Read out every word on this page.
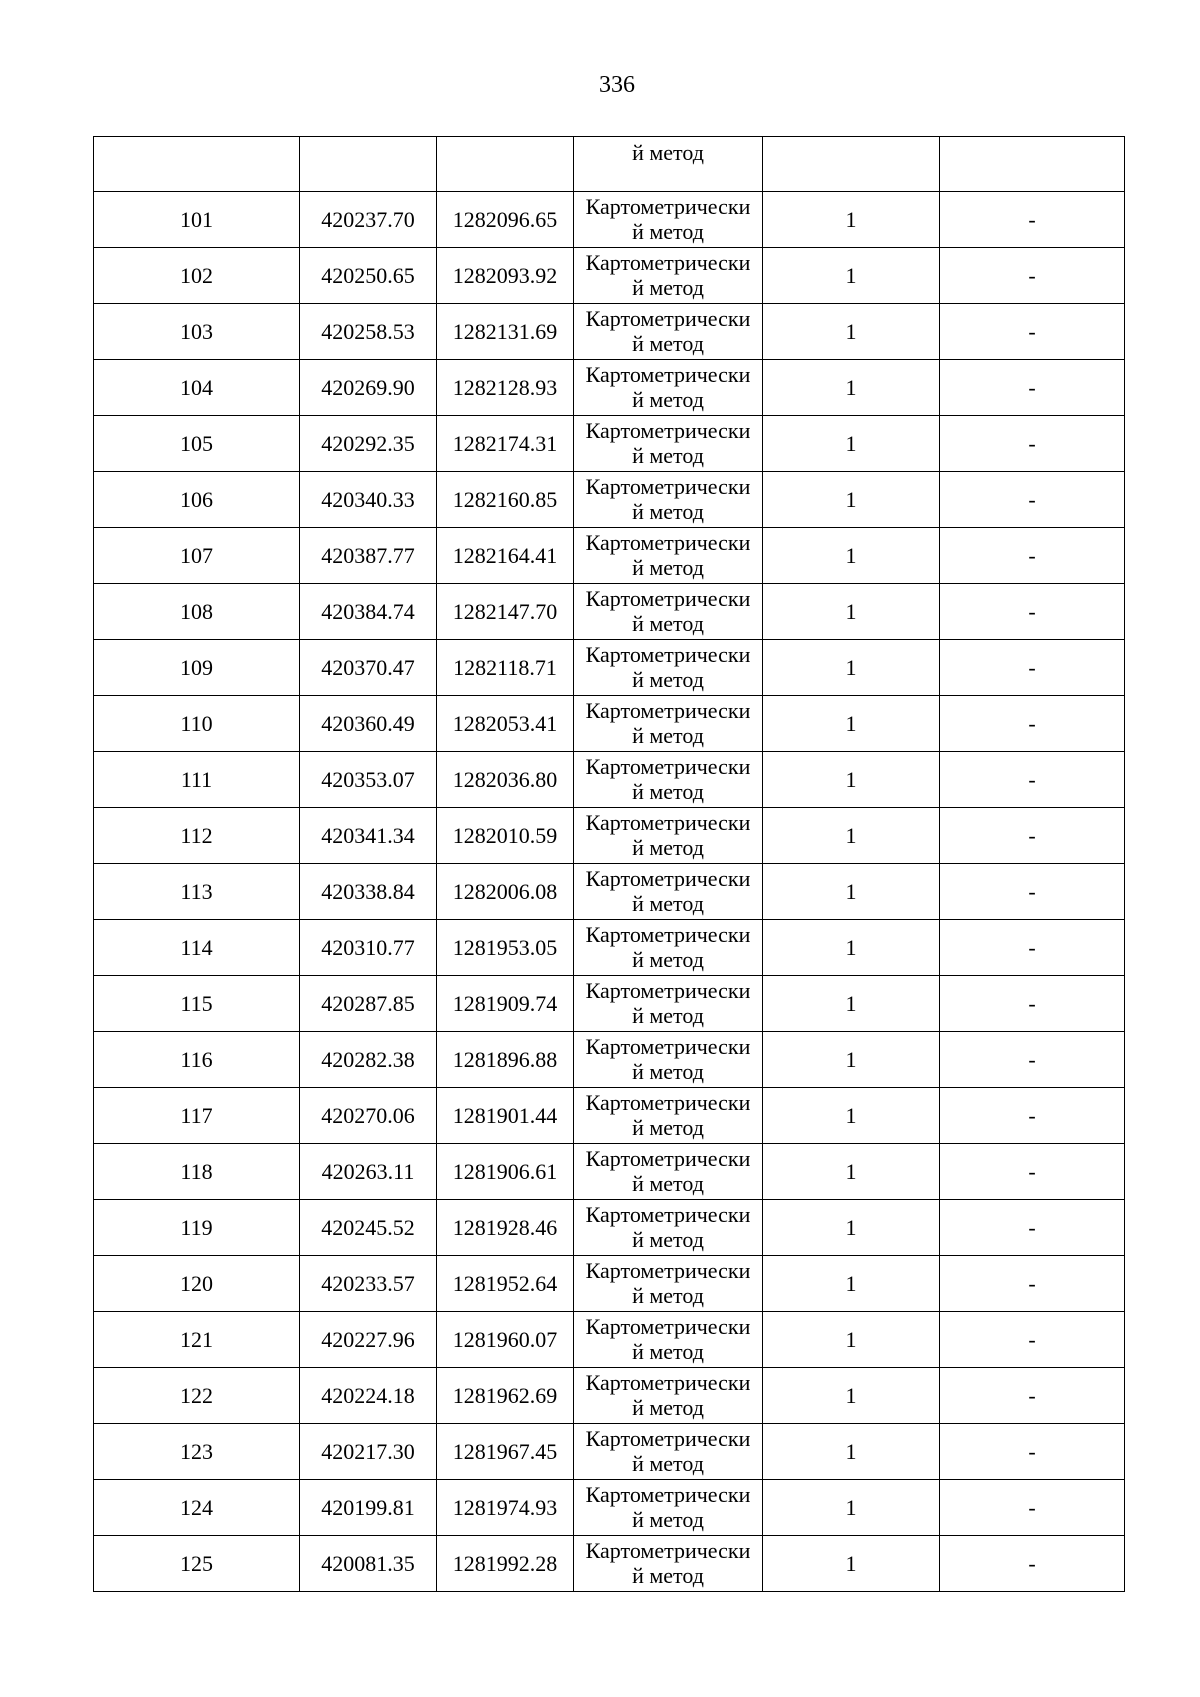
336
			й метод		
101	420237.70	1282096.65	Картометрически
й метод	1	-
102	420250.65	1282093.92	Картометрически
й метод	1	-
103	420258.53	1282131.69	Картометрически
й метод	1	-
104	420269.90	1282128.93	Картометрически
й метод	1	-
105	420292.35	1282174.31	Картометрически
й метод	1	-
106	420340.33	1282160.85	Картометрически
й метод	1	-
107	420387.77	1282164.41	Картометрически
й метод	1	-
108	420384.74	1282147.70	Картометрически
й метод	1	-
109	420370.47	1282118.71	Картометрически
й метод	1	-
110	420360.49	1282053.41	Картометрически
й метод	1	-
111	420353.07	1282036.80	Картометрически
й метод	1	-
112	420341.34	1282010.59	Картометрически
й метод	1	-
113	420338.84	1282006.08	Картометрически
й метод	1	-
114	420310.77	1281953.05	Картометрически
й метод	1	-
115	420287.85	1281909.74	Картометрически
й метод	1	-
116	420282.38	1281896.88	Картометрически
й метод	1	-
117	420270.06	1281901.44	Картометрически
й метод	1	-
118	420263.11	1281906.61	Картометрически
й метод	1	-
119	420245.52	1281928.46	Картометрически
й метод	1	-
120	420233.57	1281952.64	Картометрически
й метод	1	-
121	420227.96	1281960.07	Картометрически
й метод	1	-
122	420224.18	1281962.69	Картометрически
й метод	1	-
123	420217.30	1281967.45	Картометрически
й метод	1	-
124	420199.81	1281974.93	Картометрически
й метод	1	-
125	420081.35	1281992.28	Картометрически
й метод	1	-
